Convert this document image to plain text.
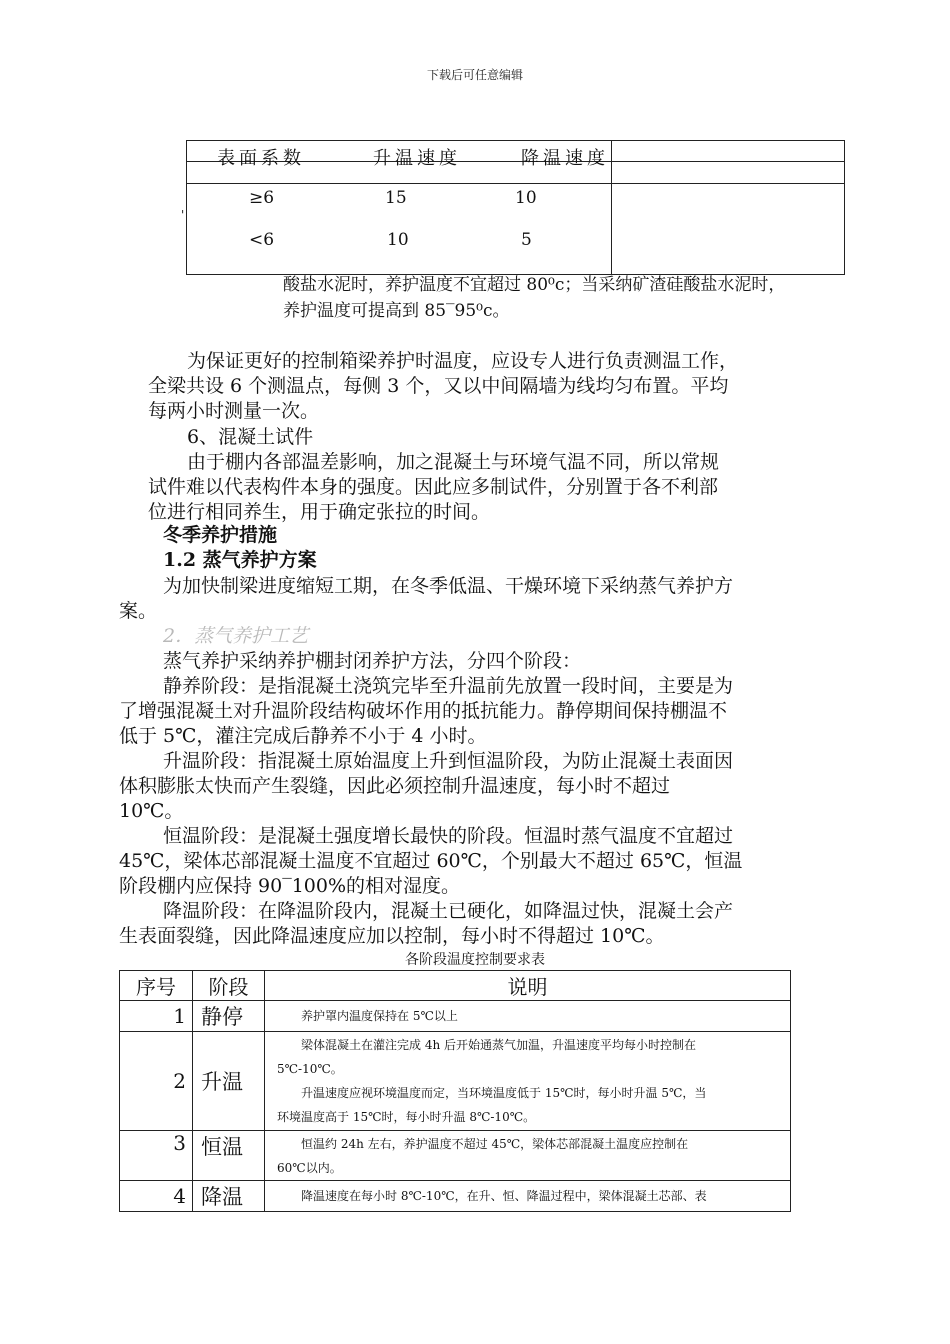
下载后可任意编辑
表面系数	升温速度	降温速度
≥6	15	10
<6	10	5
'
酸盐水泥时，养护温度不宜超过 80⁰c；当采纳矿渣硅酸盐水泥时，
养护温度可提高到 85‾95⁰c。
为保证更好的控制箱梁养护时温度，应设专人进行负责测温工作，
全梁共设 6 个测温点，每侧 3 个，又以中间隔墙为线均匀布置。平均
每两小时测量一次。
6、混凝土试件
由于棚内各部温差影响，加之混凝土与环境气温不同，所以常规
试件难以代表构件本身的强度。因此应多制试件，分别置于各不利部
位进行相同养生，用于确定张拉的时间。
冬季养护措施
1.2 蒸气养护方案
为加快制梁进度缩短工期，在冬季低温、干燥环境下采纳蒸气养护方
案。
2．蒸气养护工艺
蒸气养护采纳养护棚封闭养护方法，分四个阶段：
静养阶段：是指混凝土浇筑完毕至升温前先放置一段时间，主要是为
了增强混凝土对升温阶段结构破坏作用的抵抗能力。静停期间保持棚温不
低于 5℃，灌注完成后静养不小于 4 小时。
升温阶段：指混凝土原始温度上升到恒温阶段，为防止混凝土表面因
体积膨胀太快而产生裂缝，因此必须控制升温速度，每小时不超过
10℃。
恒温阶段：是混凝土强度增长最快的阶段。恒温时蒸气温度不宜超过
45℃，梁体芯部混凝土温度不宜超过 60℃，个别最大不超过 65℃，恒温
阶段棚内应保持 90‾100%的相对湿度。
降温阶段：在降温阶段内，混凝土已硬化，如降温过快，混凝土会产
生表面裂缝，因此降温速度应加以控制，每小时不得超过 10℃。
各阶段温度控制要求表
序号	阶段	说明
1	静停	养护罩内温度保持在 5℃以上

2	升温	梁体混凝土在灌注完成 4h 后开始通蒸气加温，升温速度平均每小时控制在
5℃-10℃。
升温速度应视环境温度而定，当环境温度低于 15℃时，每小时升温 5℃，当
环境温度高于 15℃时，每小时升温 8℃-10℃。

3	恒温	恒温约 24h 左右，养护温度不超过 45℃，梁体芯部混凝土温度应控制在
60℃以内。

4	降温	降温速度在每小时 8℃-10℃，在升、恒、降温过程中，梁体混凝土芯部、表
